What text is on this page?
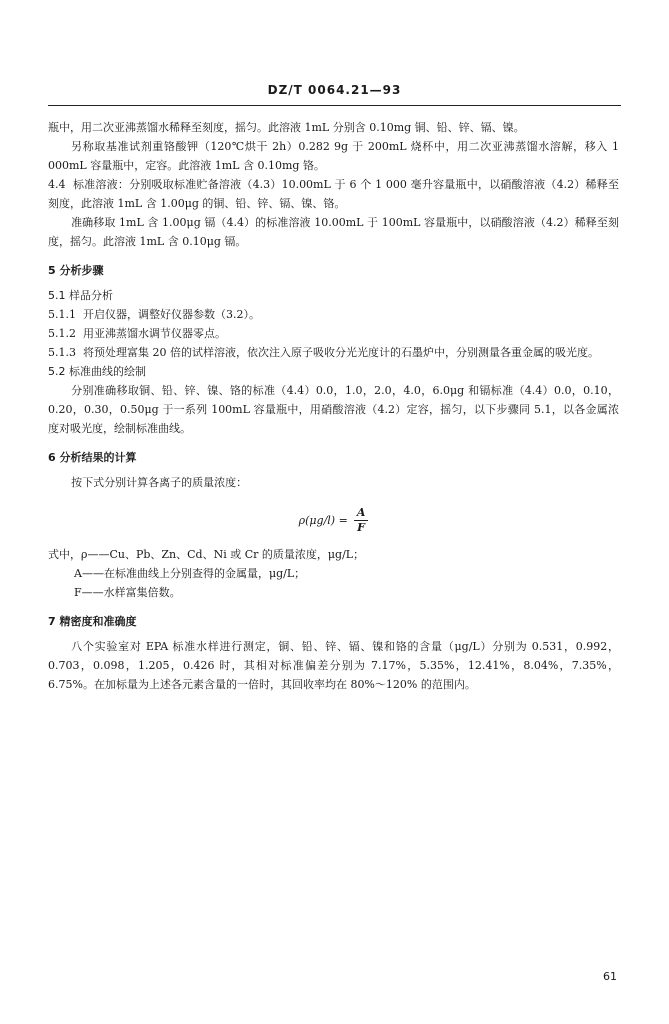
DZ/T 0064.21—93

瓶中，用二次亚沸蒸馏水稀释至刻度，摇匀。此溶液 1mL 分别含 0.10mg 铜、铅、锌、镉、镍。

另称取基准试剂重铬酸钾（120℃烘干 2h）0.282 9g 于 200mL 烧杯中，用二次亚沸蒸馏水溶解，移入 1 000mL 容量瓶中，定容。此溶液 1mL 含 0.10mg 铬。

4.4 标准溶液：分别吸取标准贮备溶液（4.3）10.00mL 于 6 个 1 000 毫升容量瓶中，以硝酸溶液（4.2）稀释至刻度，此溶液 1mL 含 1.00μg 的铜、铅、锌、镉、镍、铬。

准确移取 1mL 含 1.00μg 镉（4.4）的标准溶液 10.00mL 于 100mL 容量瓶中，以硝酸溶液（4.2）稀释至刻度，摇匀。此溶液 1mL 含 0.10μg 镉。

5 分析步骤

5.1 样品分析

5.1.1 开启仪器，调整好仪器参数（3.2）。

5.1.2 用亚沸蒸馏水调节仪器零点。

5.1.3 将预处理富集 20 倍的试样溶液，依次注入原子吸收分光光度计的石墨炉中，分别测量各重金属的吸光度。

5.2 标准曲线的绘制

分别准确移取铜、铅、锌、镍、铬的标准（4.4）0.0，1.0，2.0，4.0，6.0μg 和镉标准（4.4）0.0，0.10，0.20，0.30，0.50μg 于一系列 100mL 容量瓶中，用硝酸溶液（4.2）定容，摇匀，以下步骤同 5.1，以各金属浓度对吸光度，绘制标准曲线。

6 分析结果的计算

按下式分别计算各离子的质量浓度：

$\rho(\mu g/l) = \frac{A}{F}$

式中，ρ——Cu、Pb、Zn、Cd、Ni 或 Cr 的质量浓度，μg/L；

A——在标准曲线上分别查得的金属量，μg/L；

F——水样富集倍数。

7 精密度和准确度

八个实验室对 EPA 标准水样进行测定，铜、铅、锌、镉、镍和铬的含量（μg/L）分别为 0.531，0.992，0.703，0.098，1.205，0.426 时，其相对标准偏差分别为 7.17%，5.35%，12.41%，8.04%，7.35%，6.75%。在加标量为上述各元素含量的一倍时，其回收率均在 80%～120% 的范围内。

61
